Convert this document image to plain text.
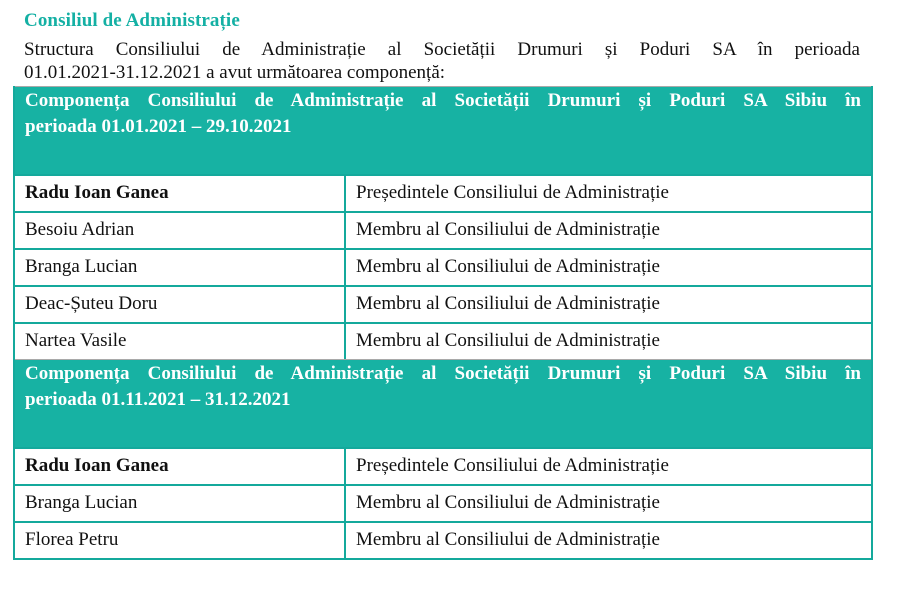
Consiliul de Administrație
Structura Consiliului de Administrație al Societății Drumuri și Poduri SA în perioada
01.01.2021-31.12.2021 a avut următoarea componență:
Componența Consiliului de Administrație al Societății Drumuri și Poduri SA Sibiu în
perioada 01.01.2021 – 29.10.2021
Radu Ioan Ganea	Președintele Consiliului de Administrație
Besoiu Adrian	Membru al Consiliului de Administrație
Branga Lucian	Membru al Consiliului de Administrație
Deac-Șuteu Doru	Membru al Consiliului de Administrație
Nartea Vasile	Membru al Consiliului de Administrație
Componența Consiliului de Administrație al Societății Drumuri și Poduri SA Sibiu în
perioada 01.11.2021 – 31.12.2021
Radu Ioan Ganea	Președintele Consiliului de Administrație
Branga Lucian	Membru al Consiliului de Administrație
Florea Petru	Membru al Consiliului de Administrație
